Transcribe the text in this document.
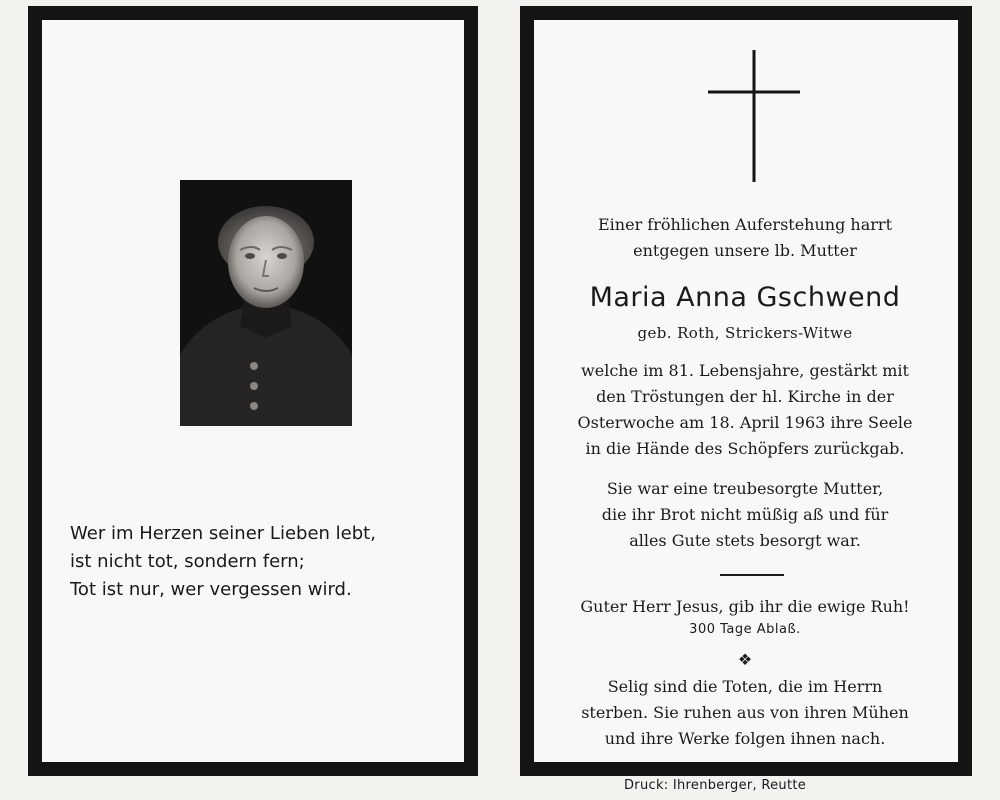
Wer im Herzen seiner Lieben lebt,
ist nicht tot, sondern fern;
Tot ist nur, wer vergessen wird.
Einer fröhlichen Auferstehung harrt
entgegen unsere lb. Mutter
Maria Anna Gschwend
geb. Roth, Strickers-Witwe
welche im 81. Lebensjahre, gestärkt mit
den Tröstungen der hl. Kirche in der
Osterwoche am 18. April 1963 ihre Seele
in die Hände des Schöpfers zurückgab.
Sie war eine treubesorgte Mutter,
die ihr Brot nicht müßig aß und für
alles Gute stets besorgt war.
Guter Herr Jesus, gib ihr die ewige Ruh!
300 Tage Ablaß.
❖
Selig sind die Toten, die im Herrn
sterben. Sie ruhen aus von ihren Mühen
und ihre Werke folgen ihnen nach.
Druck: Ihrenberger, Reutte
